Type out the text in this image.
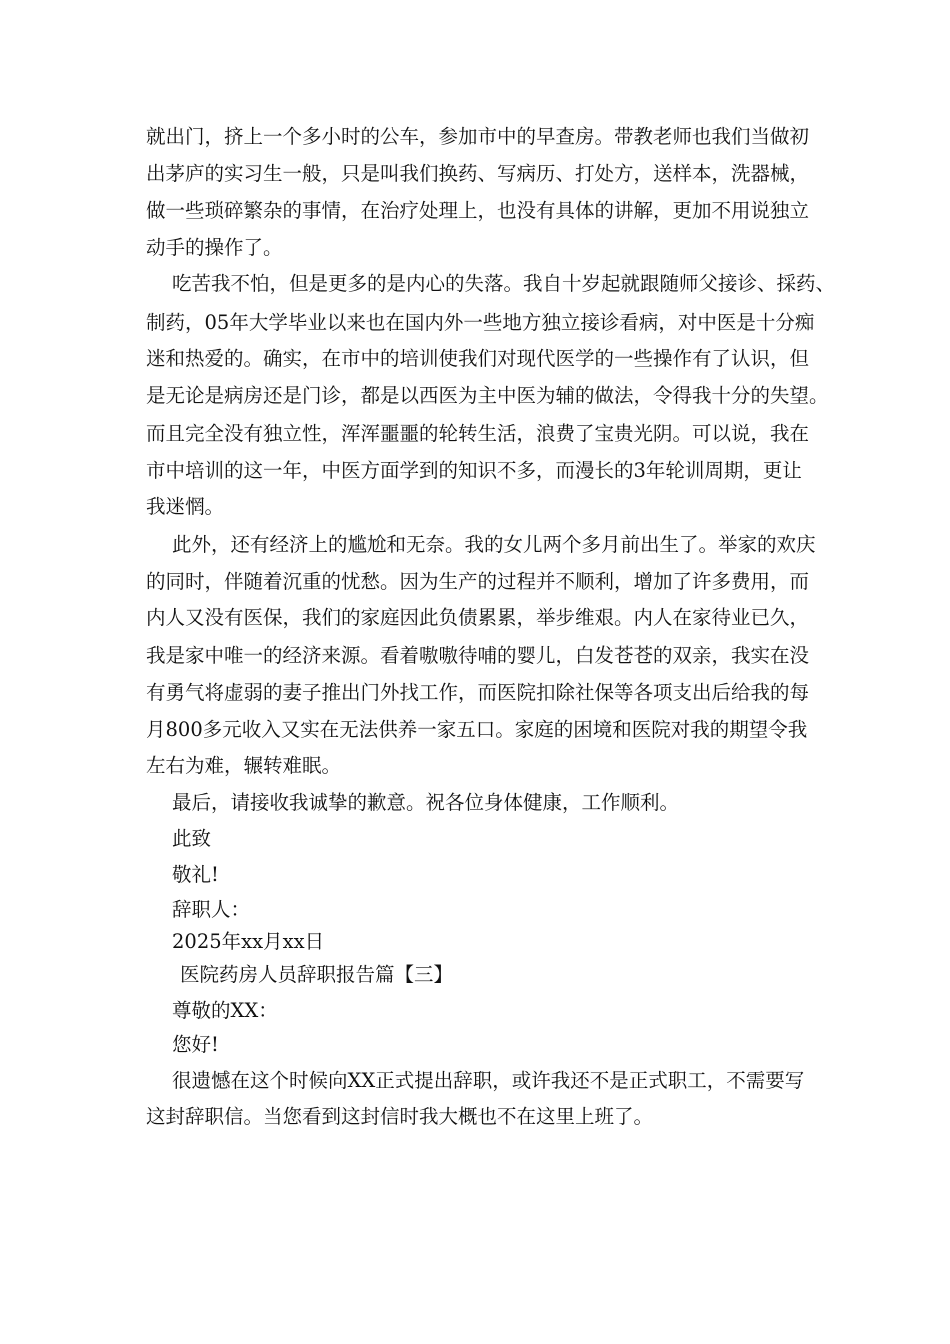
就出门，挤上一个多小时的公车，参加市中的早查房。带教老师也我们当做初
出茅庐的实习生一般，只是叫我们换药、写病历、打处方，送样本，洗器械，
做一些琐碎繁杂的事情，在治疗处理上，也没有具体的讲解，更加不用说独立
动手的操作了。
吃苦我不怕，但是更多的是内心的失落。我自十岁起就跟随师父接诊、採药、
制药，05年大学毕业以来也在国内外一些地方独立接诊看病，对中医是十分痴
迷和热爱的。确实，在市中的培训使我们对现代医学的一些操作有了认识，但
是无论是病房还是门诊，都是以西医为主中医为辅的做法，令得我十分的失望。
而且完全没有独立性，浑浑噩噩的轮转生活，浪费了宝贵光阴。可以说，我在
市中培训的这一年，中医方面学到的知识不多，而漫长的3年轮训周期，更让
我迷惘。
此外，还有经济上的尴尬和无奈。我的女儿两个多月前出生了。举家的欢庆
的同时，伴随着沉重的忧愁。因为生产的过程并不顺利，增加了许多费用，而
内人又没有医保，我们的家庭因此负债累累，举步维艰。内人在家待业已久，
我是家中唯一的经济来源。看着嗷嗷待哺的婴儿，白发苍苍的双亲，我实在没
有勇气将虚弱的妻子推出门外找工作，而医院扣除社保等各项支出后给我的每
月800多元收入又实在无法供养一家五口。家庭的困境和医院对我的期望令我
左右为难，辗转难眠。
最后，请接收我诚挚的歉意。祝各位身体健康，工作顺利。
此致
敬礼!
辞职人：
2025年xx月xx日
医院药房人员辞职报告篇【三】
尊敬的XX：
您好!
很遗憾在这个时候向XX正式提出辞职，或许我还不是正式职工，不需要写
这封辞职信。当您看到这封信时我大概也不在这里上班了。
